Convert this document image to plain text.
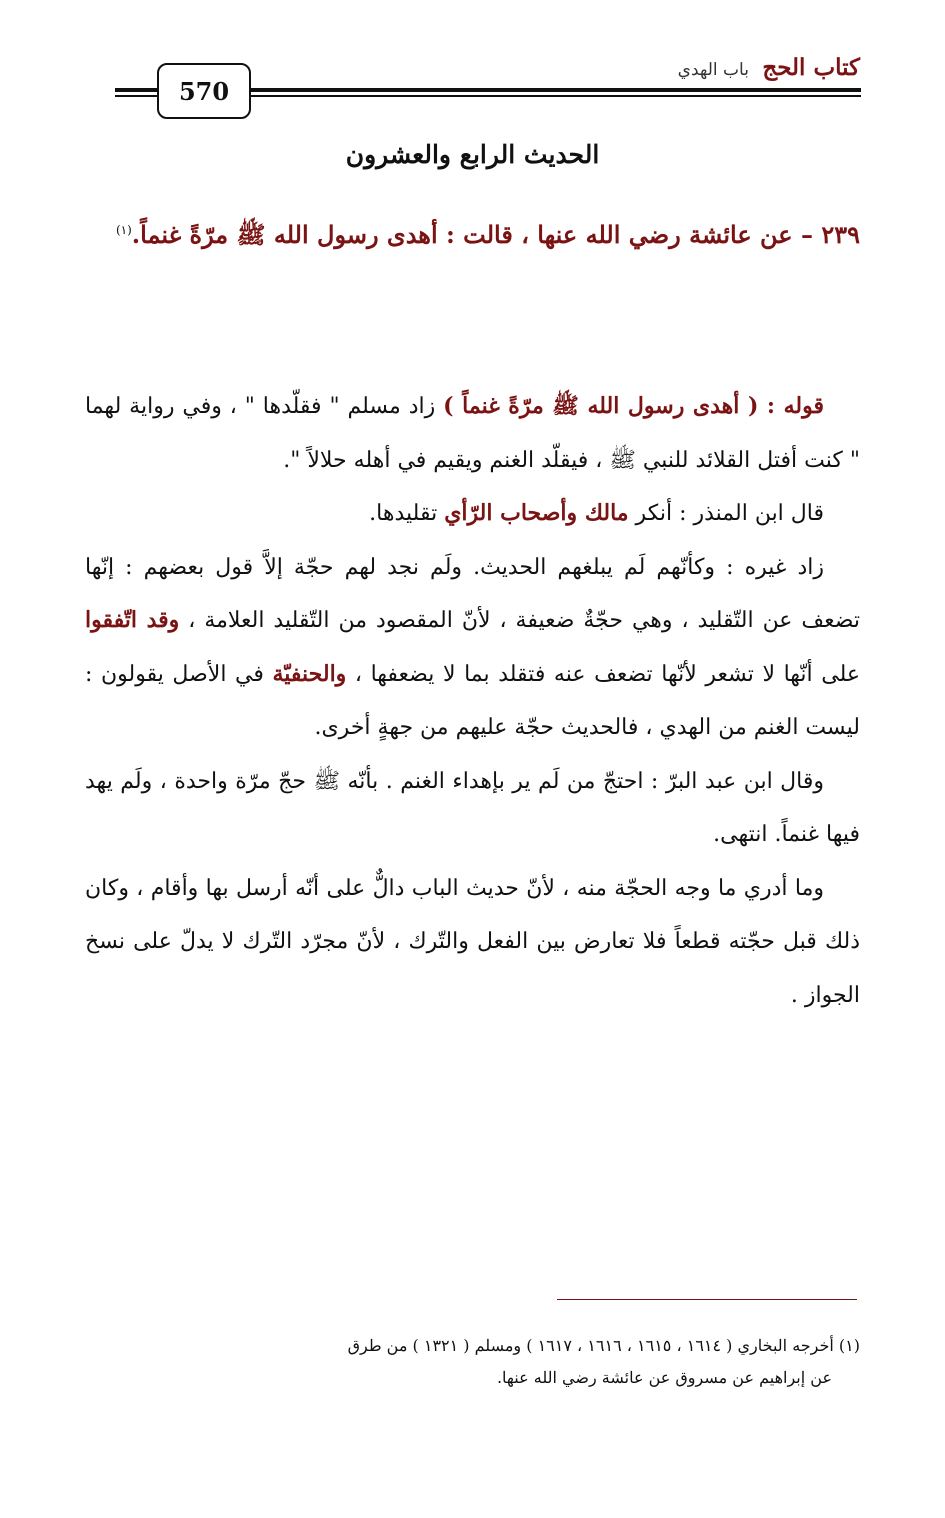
570
كتاب الحج باب الهدي
الحديث الرابع والعشرون
٢٣٩ – عن عائشة رضي الله عنها ، قالت : أهدى رسول الله ﷺ مرّةً غنماً.$^{(١)}$

قوله : ( أهدى رسول الله ﷺ مرّةً غنماً ) زاد مسلم " فقلّدها " ، وفي رواية لهما " كنت أفتل القلائد للنبي ﷺ ، فيقلّد الغنم ويقيم في أهله حلالاً ".

قال ابن المنذر : أنكر مالك وأصحاب الرّأي تقليدها.

زاد غيره : وكأنّهم لَم يبلغهم الحديث. ولَم نجد لهم حجّة إلاَّ قول بعضهم : إنّها تضعف عن التّقليد ، وهي حجّةٌ ضعيفة ، لأنّ المقصود من التّقليد العلامة ، وقد اتّفقوا على أنّها لا تشعر لأنّها تضعف عنه فتقلد بما لا يضعفها ، والحنفيّة في الأصل يقولون : ليست الغنم من الهدي ، فالحديث حجّة عليهم من جهةٍ أخرى.

وقال ابن عبد البرّ : احتجّ من لَم ير بإهداء الغنم . بأنّه ﷺ حجّ مرّة واحدة ، ولَم يهد فيها غنماً. انتهى.

وما أدري ما وجه الحجّة منه ، لأنّ حديث الباب دالٌّ على أنّه أرسل بها وأقام ، وكان ذلك قبل حجّته قطعاً فلا تعارض بين الفعل والتّرك ، لأنّ مجرّد التّرك لا يدلّ على نسخ الجواز .

(١) أخرجه البخاري ( ١٦١٤ ، ١٦١٥ ، ١٦١٦ ، ١٦١٧ ) ومسلم ( ١٣٢١ ) من طرق
عن إبراهيم عن مسروق عن عائشة رضي الله عنها.
